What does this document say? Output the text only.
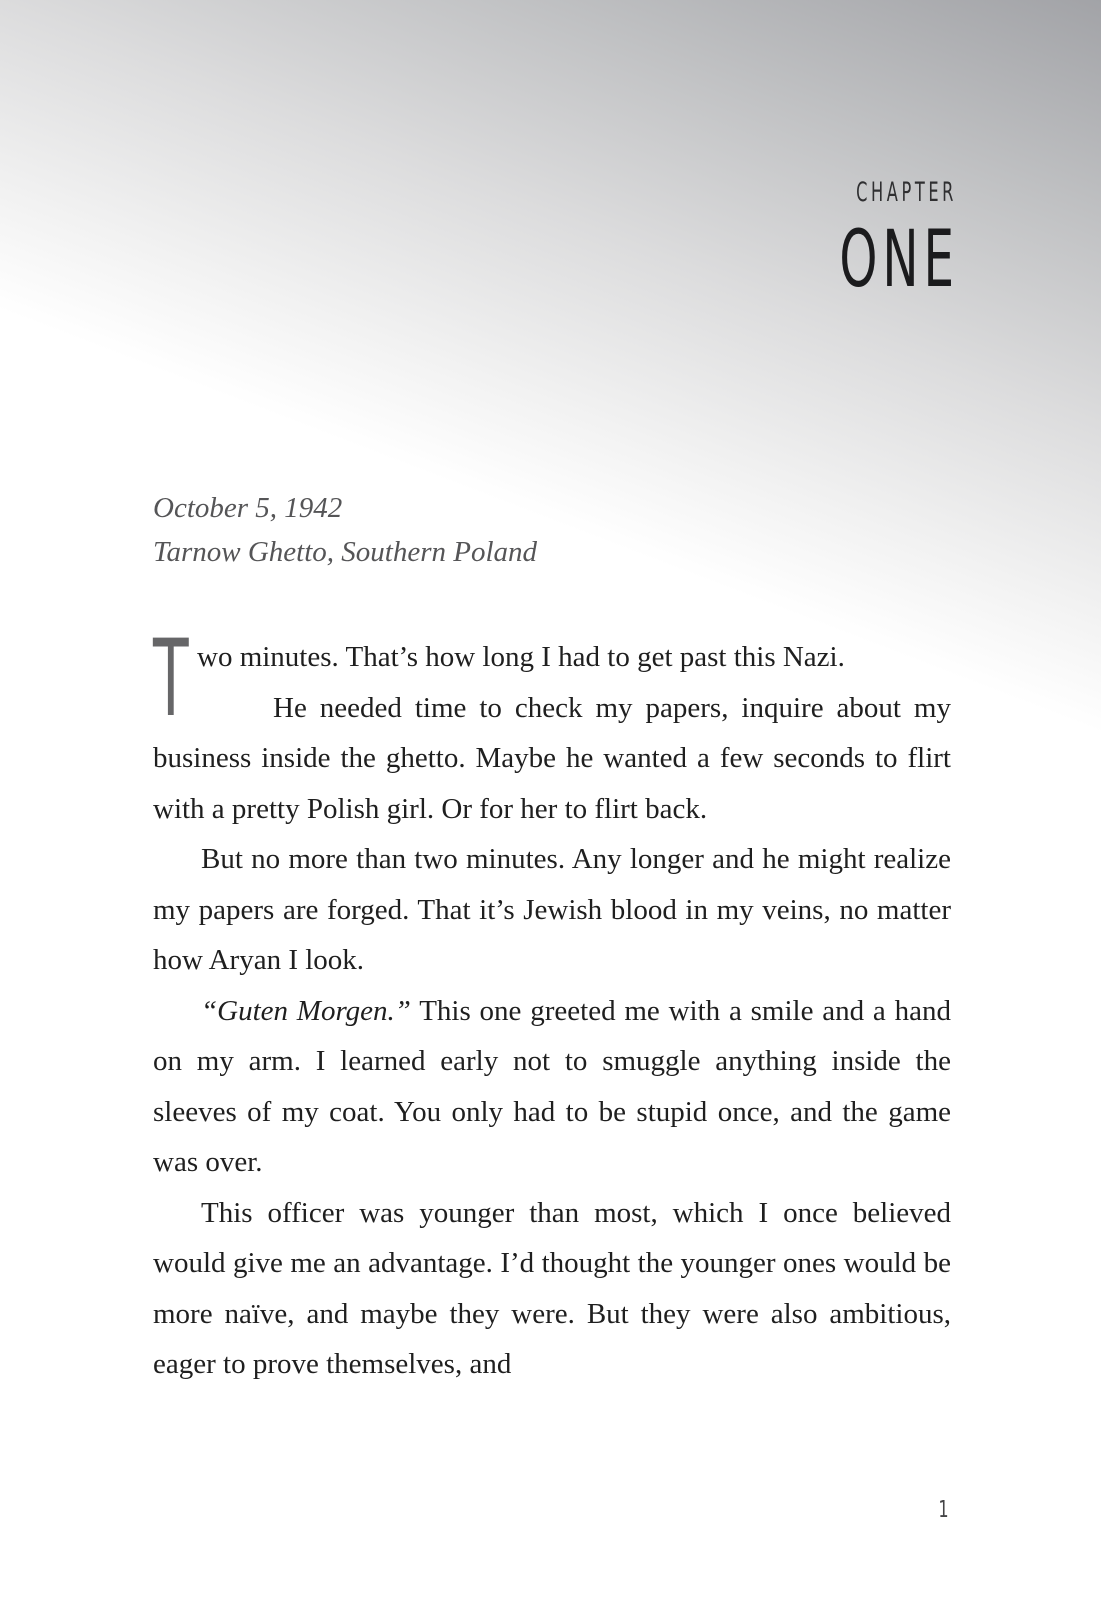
CHAPTER
ONE
October 5, 1942
Tarnow Ghetto, Southern Poland

T wo minutes. That’s how long I had to get past this Nazi.

He needed time to check my papers, inquire about my business inside the ghetto. Maybe he wanted a few seconds to flirt with a pretty Polish girl. Or for her to flirt back.

But no more than two minutes. Any longer and he might realize my papers are forged. That it’s Jewish blood in my veins, no matter how Aryan I look.

“Guten Morgen.” This one greeted me with a smile and a hand on my arm. I learned early not to smuggle anything inside the sleeves of my coat. You only had to be stupid once, and the game was over.

This officer was younger than most, which I once believed would give me an advantage. I’d thought the younger ones would be more naïve, and maybe they were. But they were also ambitious, eager to prove themselves, and

1
